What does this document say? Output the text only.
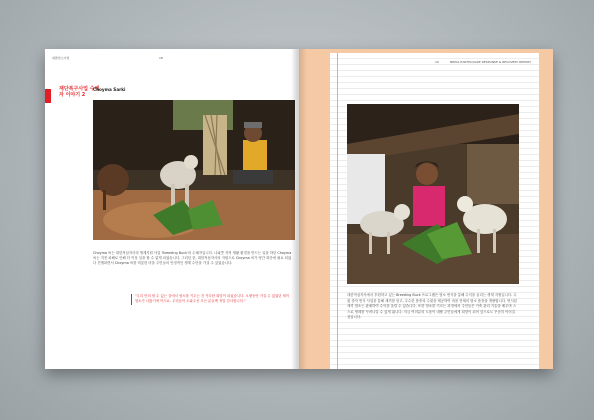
네팔염소사업	18
재단복구사업 수혜자 이야기 2
Choyma Sarki
Choyma 씨는 대한적십자사의 생계지원 사업 'Breeding Buck'의 수혜자입니다. 니와콧 지역 생활 환경을 만드는 일을 하던 Choyma 씨는 지진 피해로 인해 더 이상 일을 할 수 없게 되었습니다. 그러던 중, 대한적십자사의 지원으로 Choyma 씨가 양간 화증에 필요 되었다 진행되면서 Choyma 씨를 비롯한 마을 주민들의 안정적인 생계 수단을 가질 수 있었습니다.
"우리 만의 할 수 있는 것에서 염소를 키우는 건 커다란 희망이 되었습니다. 오랫동안 가질 수 없었던 새끼 염소가 나왔기에 아시요. 우리들이 도와주신 모든 분들께 정말 감사합니다."
19	NEPAL EARTHQUAKE RESPONSE & RECOVERY REPORT
대한적십자사에서 후원하고 있는 Breeding Buck 프로그램은 염소 번식을 통해 수익을 올리는 생계 지원입니다. 수컷 종자 번식 사업을 통해 새끼를 얻고, 우수한 품종의 수컷을 제공하여 마을 전체의 염소 품종을 개량합니다. 번식된 새끼 염소는 판매하여 수익을 올릴 수 있습니다. 또한 염소를 기르는 과정에서 주민들은 가축 관리 기술을 배우며 스스로 생계를 꾸려나갈 수 있게 됩니다. 지금 여러분의 도움이 네팔 주민들에게 희망이 되어 앞으로도 꾸준히 이어질 것입니다.
